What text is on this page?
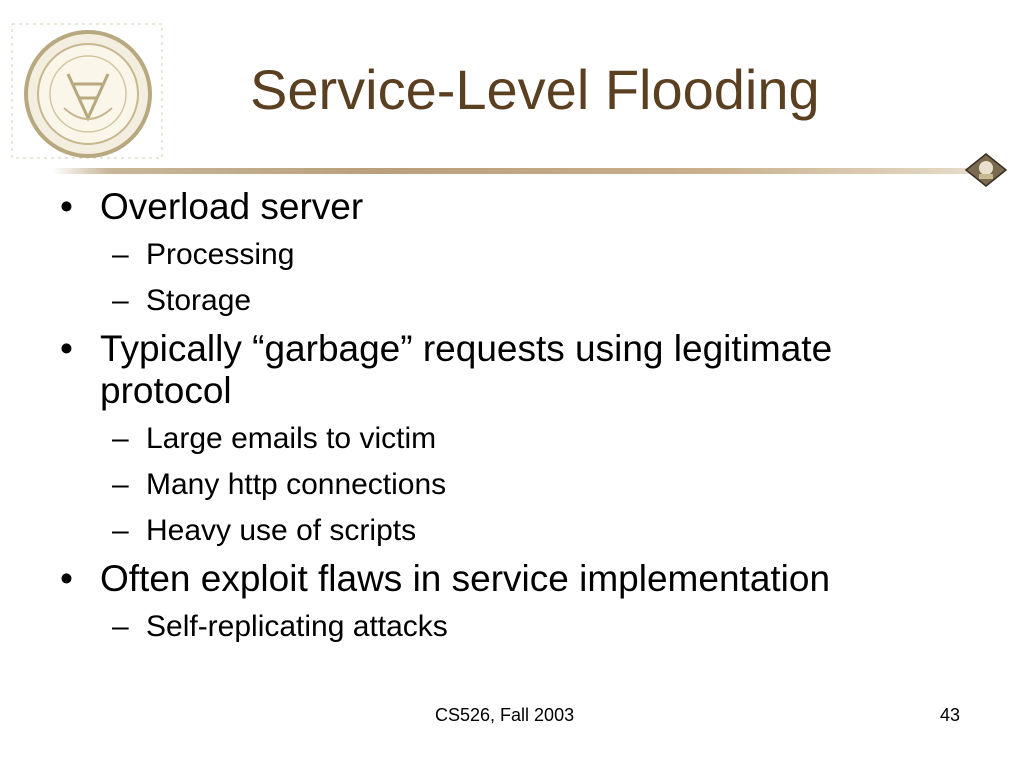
Service-Level Flooding
• Overload server
– Processing
– Storage
• Typically “garbage” requests using legitimate protocol
– Large emails to victim
– Many http connections
– Heavy use of scripts
• Often exploit flaws in service implementation
– Self-replicating attacks
CS526, Fall 2003	43
